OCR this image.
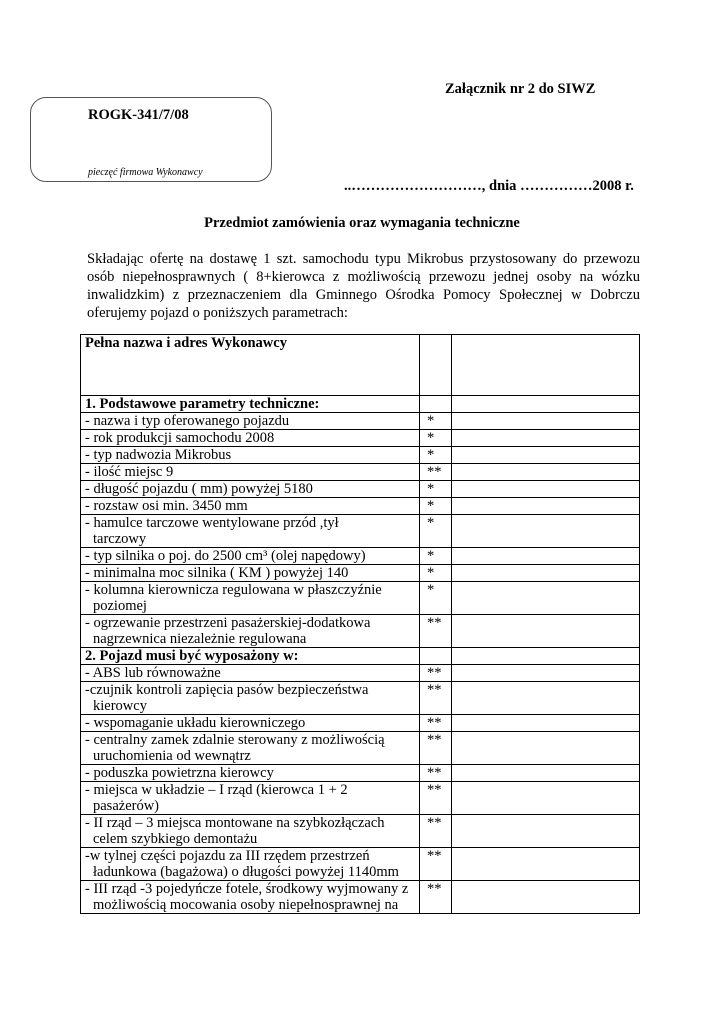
Załącznik nr 2 do SIWZ
ROGK-341/7/08
pieczęć firmowa Wykonawcy
..………………………, dnia ……………2008 r.
Przedmiot zamówienia oraz wymagania techniczne

Składając ofertę na dostawę 1 szt. samochodu typu Mikrobus przystosowany do przewozu osób niepełnosprawnych ( 8+kierowca z możliwością przewozu jednej osoby na wózku inwalidzkim) z przeznaczeniem dla Gminnego Ośrodka Pomocy Społecznej w Dobrczu oferujemy pojazd o poniższych parametrach:

Pełna nazwa i adres Wykonawcy		
1. Podstawowe parametry techniczne:		
- nazwa i typ oferowanego pojazdu	*	
- rok produkcji samochodu 2008	*	
- typ nadwozia Mikrobus	*	
- ilość miejsc 9	**	
- długość pojazdu ( mm) powyżej 5180	*	
- rozstaw osi min. 3450 mm	*	
- hamulce tarczowe wentylowane przód ,tył
tarczowy	*	
- typ silnika o poj. do 2500 cm³ (olej napędowy)	*	
- minimalna moc silnika ( KM ) powyżej 140	*	
- kolumna kierownicza regulowana w płaszczyźnie
poziomej	*	
- ogrzewanie przestrzeni pasażerskiej-dodatkowa
nagrzewnica niezależnie regulowana	**	
2. Pojazd musi być wyposażony w:		
- ABS lub równoważne	**	
-czujnik kontroli zapięcia pasów bezpieczeństwa
kierowcy	**	
- wspomaganie układu kierowniczego	**	
- centralny zamek zdalnie sterowany z możliwością
uruchomienia od wewnątrz	**	
- poduszka powietrzna kierowcy	**	
- miejsca w układzie – I rząd (kierowca 1 + 2
pasażerów)	**	
- II rząd – 3 miejsca montowane na szybkozłączach
celem szybkiego demontażu	**	
-w tylnej części pojazdu za III rzędem przestrzeń
ładunkowa (bagażowa) o długości powyżej 1140mm	**	
- III rząd -3 pojedyńcze fotele, środkowy wyjmowany z
możliwością mocowania osoby niepełnosprawnej na	**	
